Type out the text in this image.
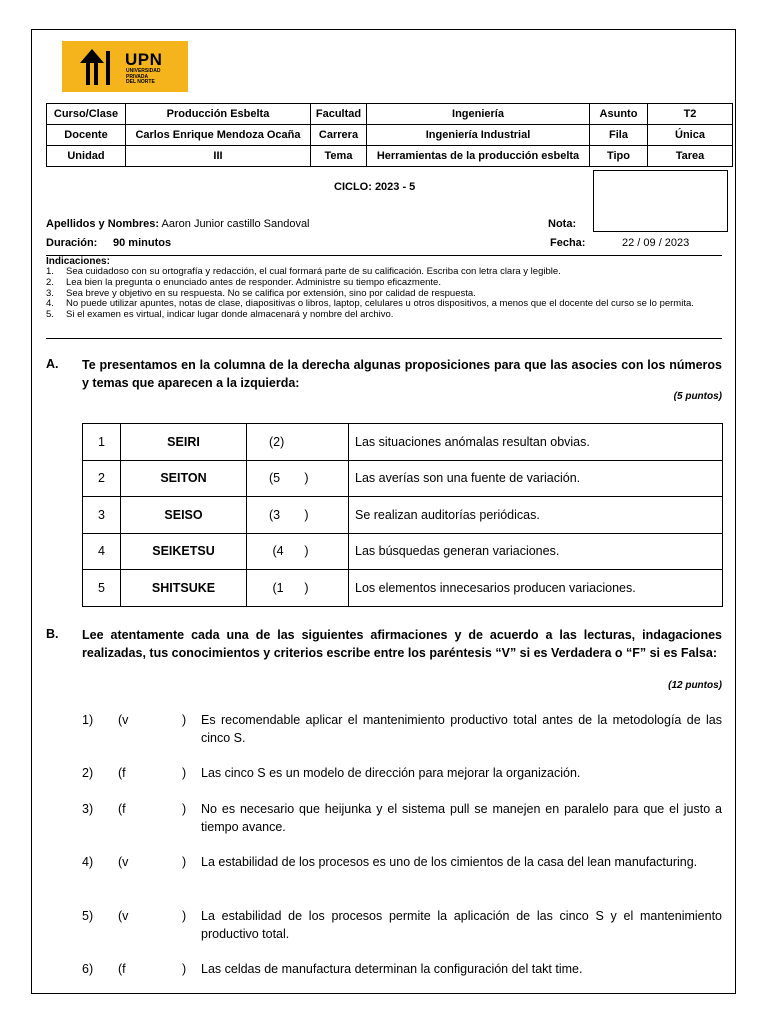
UPN
UNIVERSIDAD
PRIVADA
DEL NORTE
Curso/Clase	Producción Esbelta	Facultad	Ingeniería	Asunto	T2
Docente	Carlos Enrique Mendoza Ocaña	Carrera	Ingeniería Industrial	Fila	Única
Unidad	III	Tema	Herramientas de la producción esbelta	Tipo	Tarea
CICLO: 2023 - 5
Apellidos y Nombres: Aaron Junior castillo Sandoval	Nota:
Duración: 90 minutos	Fecha:	22 / 09 / 2023
Indicaciones:
1. Sea cuidadoso con su ortografía y redacción, el cual formará parte de su calificación. Escriba con letra clara y legible.
2. Lea bien la pregunta o enunciado antes de responder. Administre su tiempo eficazmente.
3. Sea breve y objetivo en su respuesta. No se califica por extensión, sino por calidad de respuesta.
4. No puede utilizar apuntes, notas de clase, diapositivas o libros, laptop, celulares u otros dispositivos, a menos que el docente del curso se lo permita.
5. Si el examen es virtual, indicar lugar donde almacenará y nombre del archivo.
A. Te presentamos en la columna de la derecha algunas proposiciones para que las asocies con los números y temas que aparecen a la izquierda:
(5 puntos)
1	SEIRI	(2)	Las situaciones anómalas resultan obvias.
2	SEITON	(5       )	Las averías son una fuente de variación.
3	SEISO	(3       )	Se realizan auditorías periódicas.
4	SEIKETSU	(4      )	Las búsquedas generan variaciones.
5	SHITSUKE	(1      )	Los elementos innecesarios producen variaciones.
B. Lee atentamente cada una de las siguientes afirmaciones y de acuerdo a las lecturas, indagaciones realizadas, tus conocimientos y criterios escribe entre los paréntesis “V” si es Verdadera o “F” si es Falsa:
(12 puntos)
1) (v	) Es recomendable aplicar el mantenimiento productivo total antes de la metodología de las cinco S.
2) (f	) Las cinco S es un modelo de dirección para mejorar la organización.
3) (f	) No es necesario que heijunka y el sistema pull se manejen en paralelo para que el justo a tiempo avance.
4) (v	) La estabilidad de los procesos es uno de los cimientos de la casa del lean manufacturing.
5) (v	) La estabilidad de los procesos permite la aplicación de las cinco S y el mantenimiento productivo total.
6) (f	) Las celdas de manufactura determinan la configuración del takt time.
